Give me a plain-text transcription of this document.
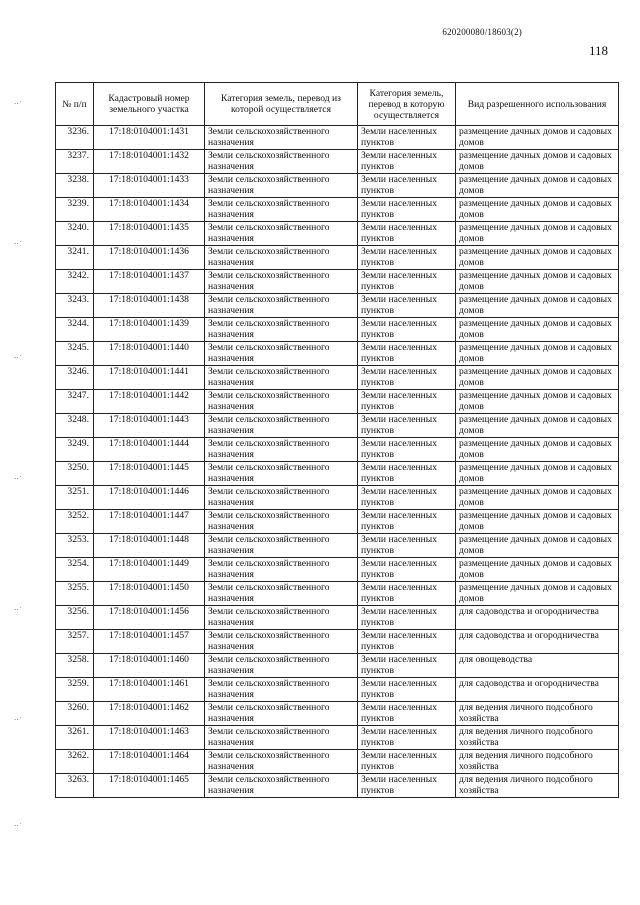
620200080/18603(2)
118
‥·
‥·
‥·
‥·
‥·
‥·
‥·
№ п/п	Кадастровый номер земельного участка	Категория земель, перевод из которой осуществляется	Категория земель, перевод в которую осуществляется	Вид разрешенного использования
3236.	17:18:0104001:1431	Земли сельскохозяйственного назначения	Земли населенных пунктов	размещение дачных домов и садовых домов
3237.	17:18:0104001:1432	Земли сельскохозяйственного назначения	Земли населенных пунктов	размещение дачных домов и садовых домов
3238.	17:18:0104001:1433	Земли сельскохозяйственного назначения	Земли населенных пунктов	размещение дачных домов и садовых домов
3239.	17:18:0104001:1434	Земли сельскохозяйственного назначения	Земли населенных пунктов	размещение дачных домов и садовых домов
3240.	17:18:0104001:1435	Земли сельскохозяйственного назначения	Земли населенных пунктов	размещение дачных домов и садовых домов
3241.	17:18:0104001:1436	Земли сельскохозяйственного назначения	Земли населенных пунктов	размещение дачных домов и садовых домов
3242.	17:18:0104001:1437	Земли сельскохозяйственного назначения	Земли населенных пунктов	размещение дачных домов и садовых домов
3243.	17:18:0104001:1438	Земли сельскохозяйственного назначения	Земли населенных пунктов	размещение дачных домов и садовых домов
3244.	17:18:0104001:1439	Земли сельскохозяйственного назначения	Земли населенных пунктов	размещение дачных домов и садовых домов
3245.	17:18:0104001:1440	Земли сельскохозяйственного назначения	Земли населенных пунктов	размещение дачных домов и садовых домов
3246.	17:18:0104001:1441	Земли сельскохозяйственного назначения	Земли населенных пунктов	размещение дачных домов и садовых домов
3247.	17:18:0104001:1442	Земли сельскохозяйственного назначения	Земли населенных пунктов	размещение дачных домов и садовых домов
3248.	17:18:0104001:1443	Земли сельскохозяйственного назначения	Земли населенных пунктов	размещение дачных домов и садовых домов
3249.	17:18:0104001:1444	Земли сельскохозяйственного назначения	Земли населенных пунктов	размещение дачных домов и садовых домов
3250.	17:18:0104001:1445	Земли сельскохозяйственного назначения	Земли населенных пунктов	размещение дачных домов и садовых домов
3251.	17:18:0104001:1446	Земли сельскохозяйственного назначения	Земли населенных пунктов	размещение дачных домов и садовых домов
3252.	17:18:0104001:1447	Земли сельскохозяйственного назначения	Земли населенных пунктов	размещение дачных домов и садовых домов
3253.	17:18:0104001:1448	Земли сельскохозяйственного назначения	Земли населенных пунктов	размещение дачных домов и садовых домов
3254.	17:18:0104001:1449	Земли сельскохозяйственного назначения	Земли населенных пунктов	размещение дачных домов и садовых домов
3255.	17:18:0104001:1450	Земли сельскохозяйственного назначения	Земли населенных пунктов	размещение дачных домов и садовых домов
3256.	17:18:0104001:1456	Земли сельскохозяйственного назначения	Земли населенных пунктов	для садоводства и огородничества
3257.	17:18:0104001:1457	Земли сельскохозяйственного назначения	Земли населенных пунктов	для садоводства и огородничества
3258.	17:18:0104001:1460	Земли сельскохозяйственного назначения	Земли населенных пунктов	для овощеводства
3259.	17:18:0104001:1461	Земли сельскохозяйственного назначения	Земли населенных пунктов	для садоводства и огородничества
3260.	17:18:0104001:1462	Земли сельскохозяйственного назначения	Земли населенных пунктов	для ведения личного подсобного хозяйства
3261.	17:18:0104001:1463	Земли сельскохозяйственного назначения	Земли населенных пунктов	для ведения личного подсобного хозяйства
3262.	17:18:0104001:1464	Земли сельскохозяйственного назначения	Земли населенных пунктов	для ведения личного подсобного хозяйства
3263.	17:18:0104001:1465	Земли сельскохозяйственного назначения	Земли населенных пунктов	для ведения личного подсобного хозяйства
